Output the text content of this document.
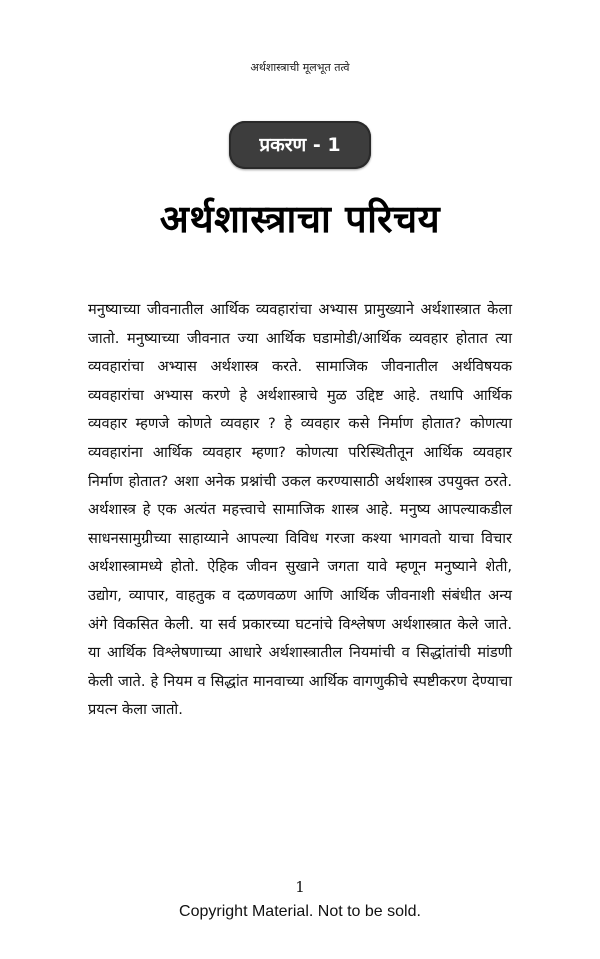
अर्थशास्त्राची मूलभूत तत्वे
प्रकरण - 1
अर्थशास्त्राचा परिचय

मनुष्याच्या जीवनातील आर्थिक व्यवहारांचा अभ्यास प्रामुख्याने अर्थशास्त्रात केला जातो. मनुष्याच्या जीवनात ज्या आर्थिक घडामोडी/आर्थिक व्यवहार होतात त्या व्यवहारांचा अभ्यास अर्थशास्त्र करते. सामाजिक जीवनातील अर्थविषयक व्यवहारांचा अभ्यास करणे हे अर्थशास्त्राचे मुळ उद्दिष्ट आहे. तथापि आर्थिक व्यवहार म्हणजे कोणते व्यवहार ? हे व्यवहार कसे निर्माण होतात? कोणत्या व्यवहारांना आर्थिक व्यवहार म्हणा? कोणत्या परिस्थितीतून आर्थिक व्यवहार निर्माण होतात? अशा अनेक प्रश्नांची उकल करण्यासाठी अर्थशास्त्र उपयुक्त ठरते. अर्थशास्त्र हे एक अत्यंत महत्त्वाचे सामाजिक शास्त्र आहे. मनुष्य आपल्याकडील साधनसामुग्रीच्या साहाय्याने आपल्या विविध गरजा कश्या भागवतो याचा विचार अर्थशास्त्रामध्ये होतो. ऐहिक जीवन सुखाने जगता यावे म्हणून मनुष्याने शेती, उद्योग, व्यापार, वाहतुक व दळणवळण आणि आर्थिक जीवनाशी संबंधीत अन्य अंगे विकसित केली. या सर्व प्रकारच्या घटनांचे विश्लेषण अर्थशास्त्रात केले जाते. या आर्थिक विश्लेषणाच्या आधारे अर्थशास्त्रातील नियमांची व सिद्धांतांची मांडणी केली जाते. हे नियम व सिद्धांत मानवाच्या आर्थिक वागणुकीचे स्पष्टीकरण देण्याचा प्रयत्न केला जातो.

1
Copyright Material. Not to be sold.
